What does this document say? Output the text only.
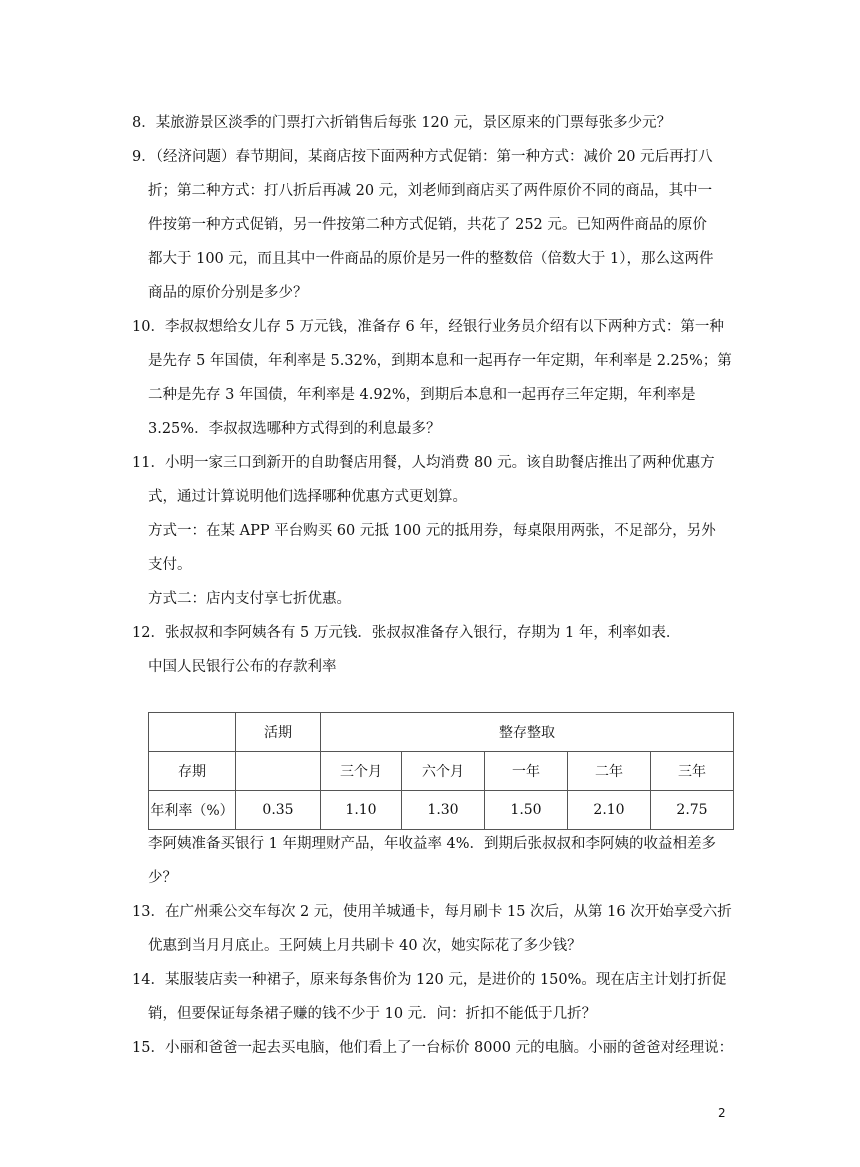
8．某旅游景区淡季的门票打六折销售后每张 120 元，景区原来的门票每张多少元？
9．（经济问题）春节期间，某商店按下面两种方式促销：第一种方式：减价 20 元后再打八
折；第二种方式：打八折后再减 20 元，刘老师到商店买了两件原价不同的商品，其中一
件按第一种方式促销，另一件按第二种方式促销，共花了 252 元。已知两件商品的原价
都大于 100 元，而且其中一件商品的原价是另一件的整数倍（倍数大于 1），那么这两件
商品的原价分别是多少？
10．李叔叔想给女儿存 5 万元钱，准备存 6 年，经银行业务员介绍有以下两种方式：第一种
是先存 5 年国债，年利率是 5.32%，到期本息和一起再存一年定期，年利率是 2.25%；第
二种是先存 3 年国债，年利率是 4.92%，到期后本息和一起再存三年定期，年利率是
3.25%．李叔叔选哪种方式得到的利息最多？
11．小明一家三口到新开的自助餐店用餐，人均消费 80 元。该自助餐店推出了两种优惠方
式，通过计算说明他们选择哪种优惠方式更划算。
方式一：在某 APP 平台购买 60 元抵 100 元的抵用券，每桌限用两张，不足部分，另外
支付。
方式二：店内支付享七折优惠。
12．张叔叔和李阿姨各有 5 万元钱．张叔叔准备存入银行，存期为 1 年，利率如表．
中国人民银行公布的存款利率
	活期	整存整取				
存期		三个月	六个月	一年	二年	三年
年利率（%）	0.35	1.10	1.30	1.50	2.10	2.75
李阿姨准备买银行 1 年期理财产品，年收益率 4%．到期后张叔叔和李阿姨的收益相差多
少？
13．在广州乘公交车每次 2 元，使用羊城通卡，每月刷卡 15 次后，从第 16 次开始享受六折
优惠到当月月底止。王阿姨上月共刷卡 40 次，她实际花了多少钱？
14．某服装店卖一种裙子，原来每条售价为 120 元，是进价的 150%。现在店主计划打折促
销，但要保证每条裙子赚的钱不少于 10 元．问：折扣不能低于几折？
15．小丽和爸爸一起去买电脑，他们看上了一台标价 8000 元的电脑。小丽的爸爸对经理说：
2
